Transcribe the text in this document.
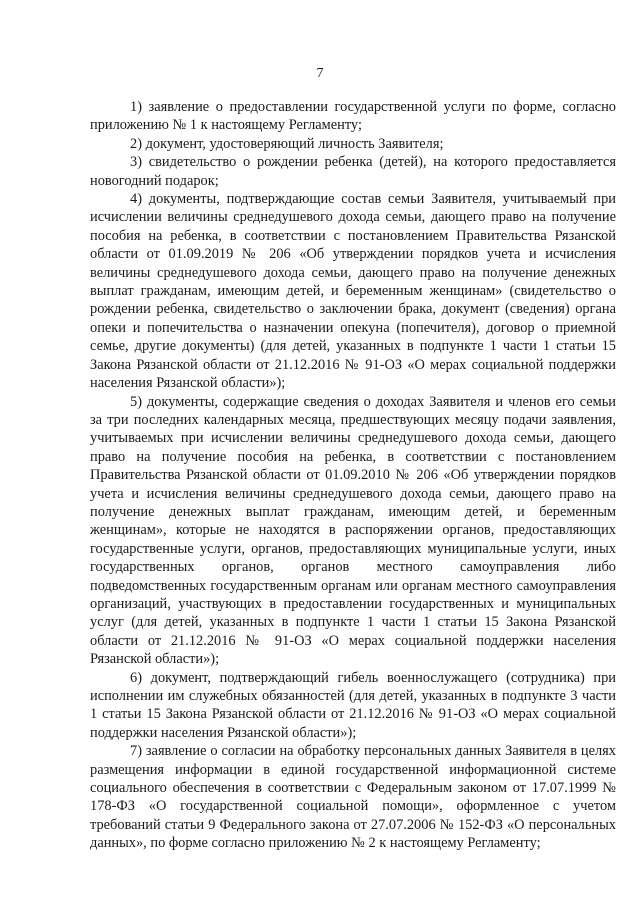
7

1) заявление о предоставлении государственной услуги по форме, согласно приложению № 1 к настоящему Регламенту;

2) документ, удостоверяющий личность Заявителя;

3) свидетельство о рождении ребенка (детей), на которого предоставляется новогодний подарок;

4) документы, подтверждающие состав семьи Заявителя, учитываемый при исчислении величины среднедушевого дохода семьи, дающего право на получение пособия на ребенка, в соответствии с постановлением Правительства Рязанской области от 01.09.2019 № 206 «Об утверждении порядков учета и исчисления величины среднедушевого дохода семьи, дающего право на получение денежных выплат гражданам, имеющим детей, и беременным женщинам» (свидетельство о рождении ребенка, свидетельство о заключении брака, документ (сведения) органа опеки и попечительства о назначении опекуна (попечителя), договор о приемной семье, другие документы) (для детей, указанных в подпункте 1 части 1 статьи 15 Закона Рязанской области от 21.12.2016 № 91-ОЗ «О мерах социальной поддержки населения Рязанской области»);

5) документы, содержащие сведения о доходах Заявителя и членов его семьи за три последних календарных месяца, предшествующих месяцу подачи заявления, учитываемых при исчислении величины среднедушевого дохода семьи, дающего право на получение пособия на ребенка, в соответствии с постановлением Правительства Рязанской области от 01.09.2010 № 206 «Об утверждении порядков учета и исчисления величины среднедушевого дохода семьи, дающего право на получение денежных выплат гражданам, имеющим детей, и беременным женщинам», которые не находятся в распоряжении органов, предоставляющих государственные услуги, органов, предоставляющих муниципальные услуги, иных государственных органов, органов местного самоуправления либо подведомственных государственным органам или органам местного самоуправления организаций, участвующих в предоставлении государственных и муниципальных услуг (для детей, указанных в подпункте 1 части 1 статьи 15 Закона Рязанской области от 21.12.2016 № 91-ОЗ «О мерах социальной поддержки населения Рязанской области»);

6) документ, подтверждающий гибель военнослужащего (сотрудника) при исполнении им служебных обязанностей (для детей, указанных в подпункте 3 части 1 статьи 15 Закона Рязанской области от 21.12.2016 № 91-ОЗ «О мерах социальной поддержки населения Рязанской области»);

7) заявление о согласии на обработку персональных данных Заявителя в целях размещения информации в единой государственной информационной системе социального обеспечения в соответствии с Федеральным законом от 17.07.1999 № 178-ФЗ «О государственной социальной помощи», оформленное с учетом требований статьи 9 Федерального закона от 27.07.2006 № 152-ФЗ «О персональных данных», по форме согласно приложению № 2 к настоящему Регламенту;
